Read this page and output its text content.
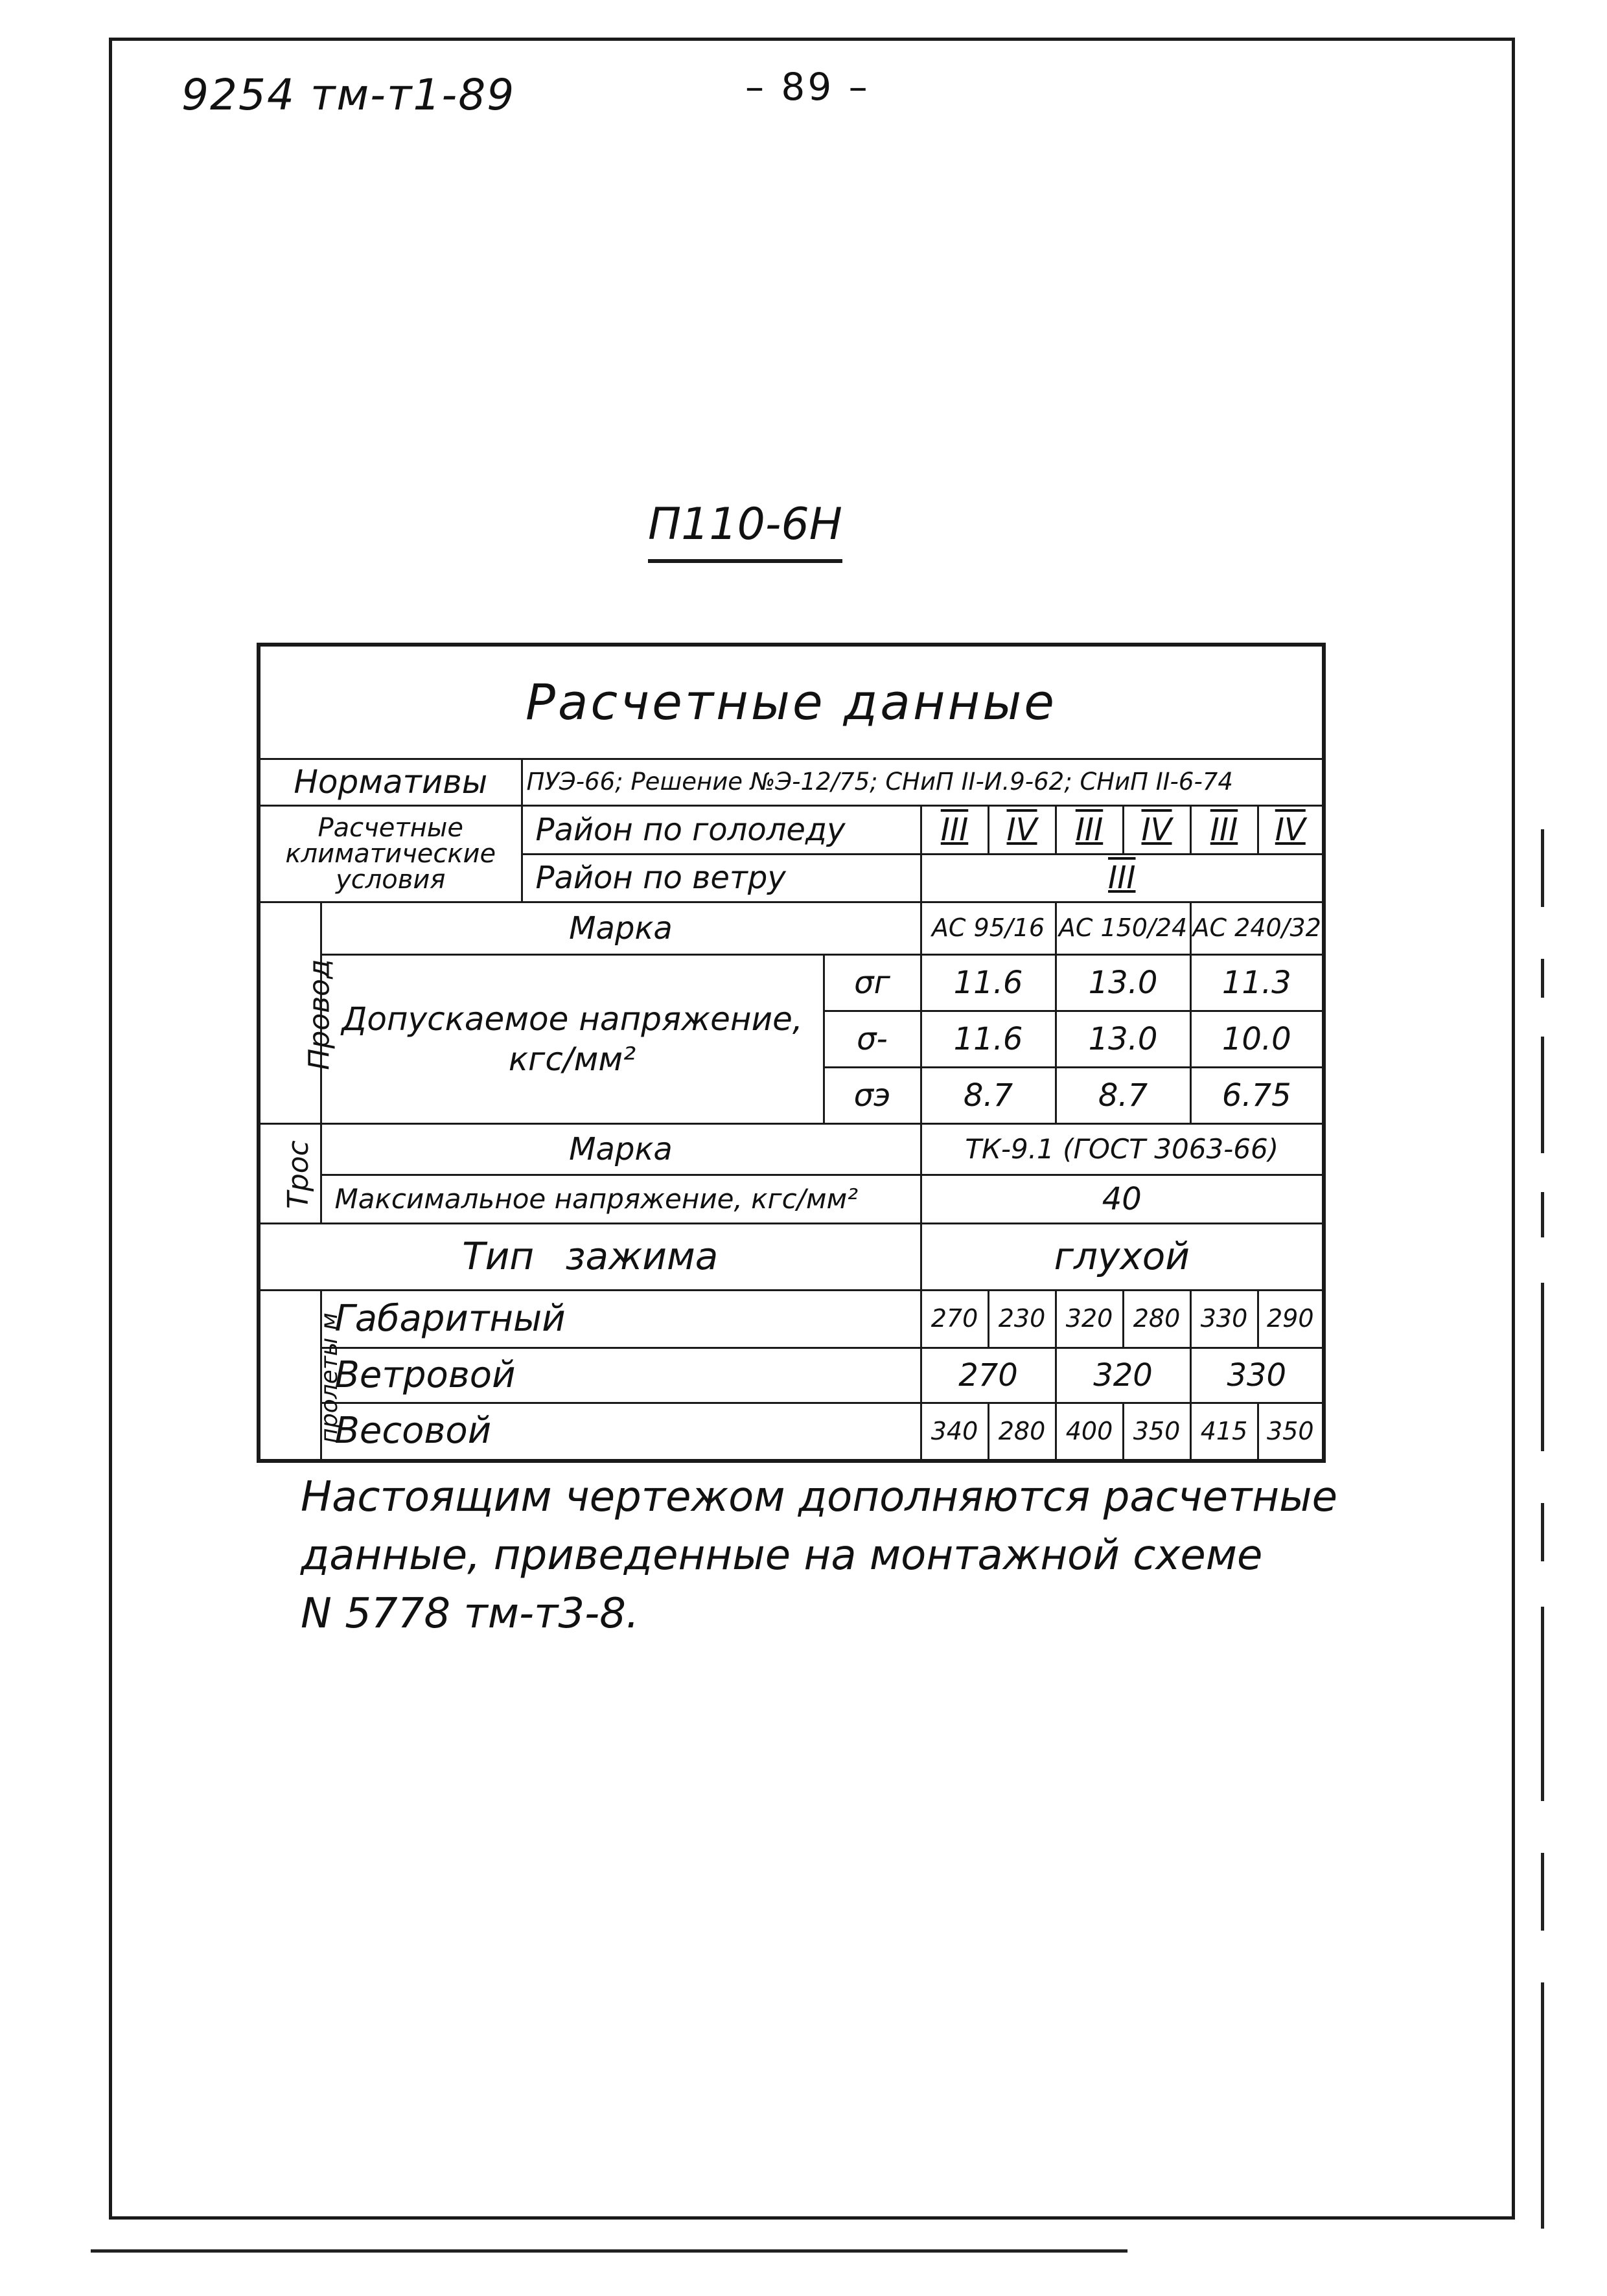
9254 тм-т1-89	– 89 –
П110-6Н
Расчетные данные									
Нормативы		ПУЭ-66; Решение №Э-12/75; СНиП II-И.9-62; СНиП II-6-74							
Расчетные климатические условия		Район по гололеду		III	IV	III	IV	III	IV
		Район по ветру		III					
Провод	Марка			АС 95/16		АС 150/24		АС 240/32	
	Допускаемое напряжение, кгс/мм²		σг	11.6		13.0		11.3	
			σ-	11.6		13.0		10.0	
			σэ	8.7		8.7		6.75	
Трос	Марка			ТК-9.1 (ГОСТ 3063-66)					
	Максимальное напряжение, кгс/мм²			40					
Тип зажима				глухой					
пролеты м	Габаритный			270	230	320	280	330	290
	Ветровой			270		320		330	
	Весовой			340	280	400	350	415	350
Настоящим чертежом дополняются расчетные
данные, приведенные на монтажной схеме
N 5778 тм-т3-8.
